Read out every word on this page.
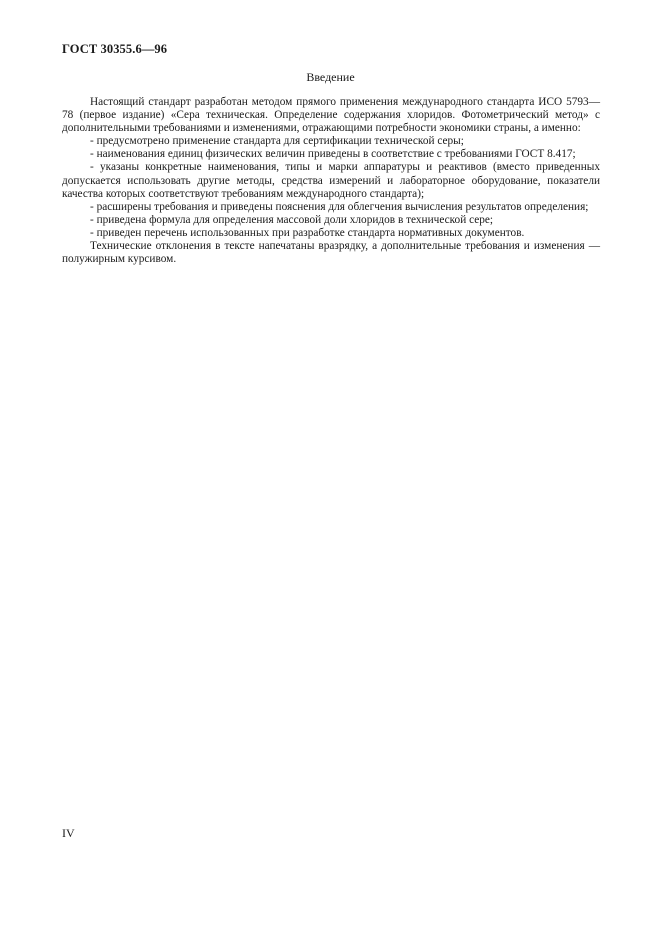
ГОСТ 30355.6—96
Введение

Настоящий стандарт разработан методом прямого применения международного стандарта ИСО 5793—78 (первое издание) «Сера техническая. Определение содержания хлоридов. Фотометрический метод» с дополнительными требованиями и изменениями, отражающими потребности экономики страны, а именно:

- предусмотрено применение стандарта для сертификации технической серы;

- наименования единиц физических величин приведены в соответствие с требованиями ГОСТ 8.417;

- указаны конкретные наименования, типы и марки аппаратуры и реактивов (вместо приведенных допускается использовать другие методы, средства измерений и лабораторное оборудование, показатели качества которых соответствуют требованиям международного стандарта);

- расширены требования и приведены пояснения для облегчения вычисления результатов определения;

- приведена формула для определения массовой доли хлоридов в технической сере;

- приведен перечень использованных при разработке стандарта нормативных документов.

Технические отклонения в тексте напечатаны вразрядку, а дополнительные требования и изменения — полужирным курсивом.

IV
